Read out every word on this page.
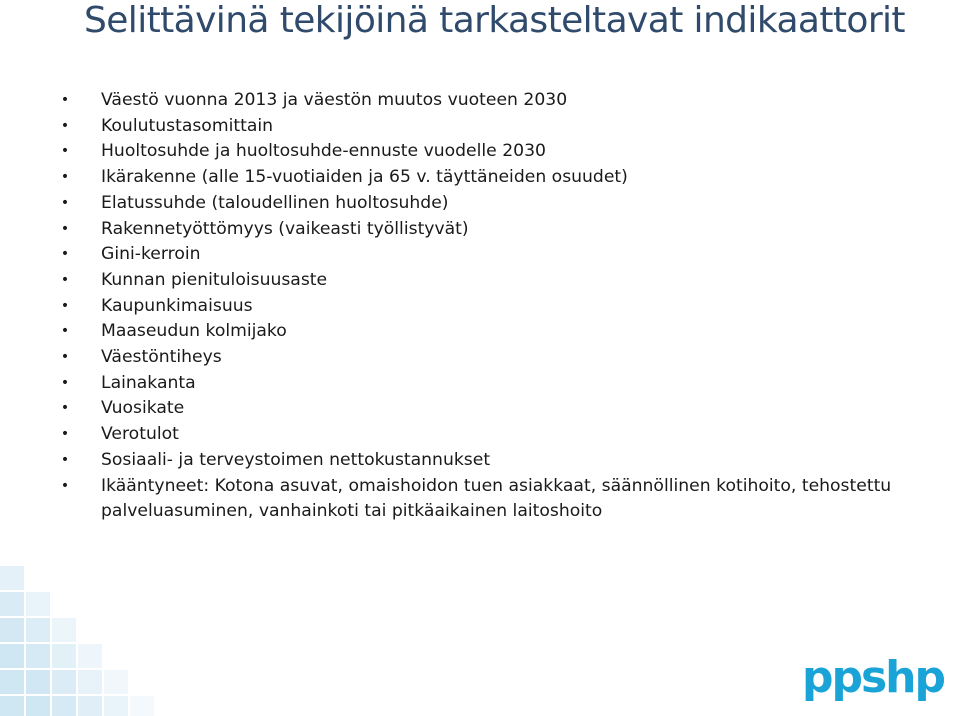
Selittävinä tekijöinä tarkasteltavat indikaattorit
• Väestö vuonna 2013 ja väestön muutos vuoteen 2030
• Koulutustasomittain
• Huoltosuhde ja huoltosuhde-ennuste vuodelle 2030
• Ikärakenne (alle 15-vuotiaiden ja 65 v. täyttäneiden osuudet)
• Elatussuhde (taloudellinen huoltosuhde)
• Rakennetyöttömyys (vaikeasti työllistyvät)
• Gini-kerroin
• Kunnan pienituloisuusaste
• Kaupunkimaisuus
• Maaseudun kolmijako
• Väestöntiheys
• Lainakanta
• Vuosikate
• Verotulot
• Sosiaali- ja terveystoimen nettokustannukset
• Ikääntyneet: Kotona asuvat, omaishoidon tuen asiakkaat, säännöllinen kotihoito, tehostettu palveluasuminen, vanhainkoti tai pitkäaikainen laitoshoito
ppshp
